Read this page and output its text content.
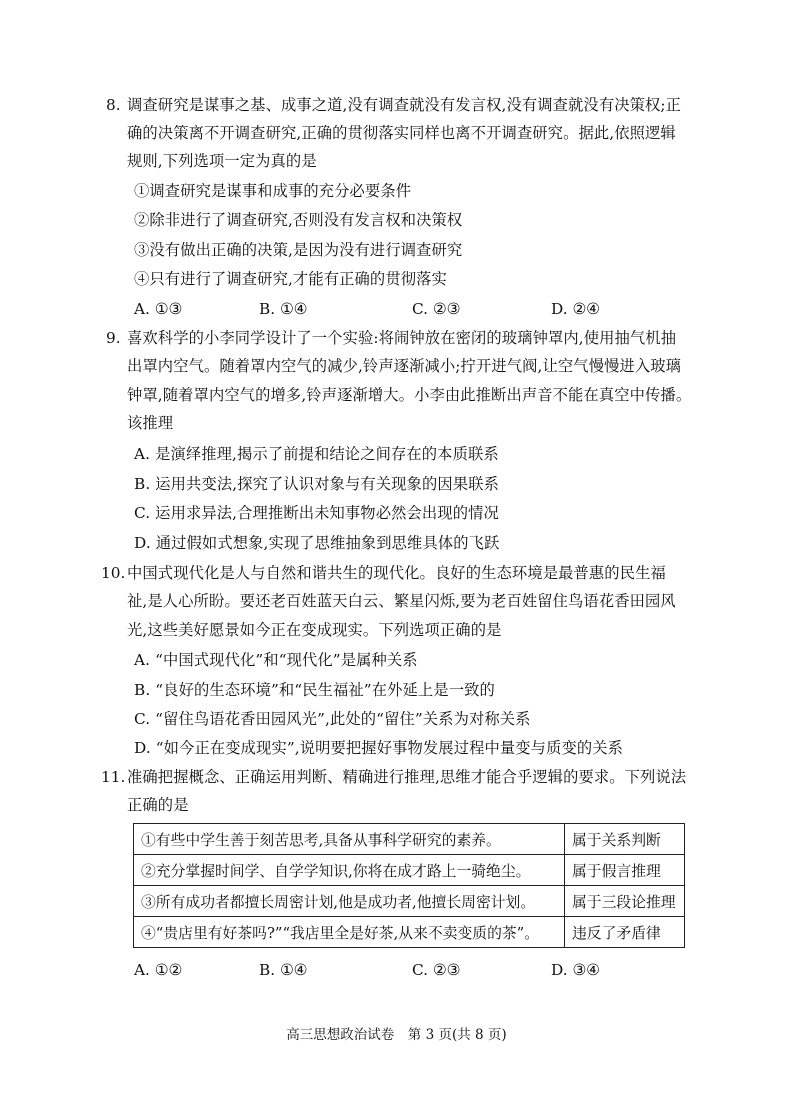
8. 调查研究是谋事之基、成事之道,没有调查就没有发言权,没有调查就没有决策权;正
确的决策离不开调查研究,正确的贯彻落实同样也离不开调查研究。据此,依照逻辑
规则,下列选项一定为真的是
①调查研究是谋事和成事的充分必要条件
②除非进行了调查研究,否则没有发言权和决策权
③没有做出正确的决策,是因为没有进行调查研究
④只有进行了调查研究,才能有正确的贯彻落实
A. ①③	B. ①④	C. ②③	D. ②④
9. 喜欢科学的小李同学设计了一个实验:将闹钟放在密闭的玻璃钟罩内,使用抽气机抽
出罩内空气。随着罩内空气的减少,铃声逐渐减小;拧开进气阀,让空气慢慢进入玻璃
钟罩,随着罩内空气的增多,铃声逐渐增大。小李由此推断出声音不能在真空中传播。
该推理
A. 是演绎推理,揭示了前提和结论之间存在的本质联系
B. 运用共变法,探究了认识对象与有关现象的因果联系
C. 运用求异法,合理推断出未知事物必然会出现的情况
D. 通过假如式想象,实现了思维抽象到思维具体的飞跃
10. 中国式现代化是人与自然和谐共生的现代化。良好的生态环境是最普惠的民生福
祉,是人心所盼。要还老百姓蓝天白云、繁星闪烁,要为老百姓留住鸟语花香田园风
光,这些美好愿景如今正在变成现实。下列选项正确的是
A. “中国式现代化”和“现代化”是属种关系
B. “良好的生态环境”和“民生福祉”在外延上是一致的
C. “留住鸟语花香田园风光”,此处的“留住”关系为对称关系
D. “如今正在变成现实”,说明要把握好事物发展过程中量变与质变的关系
11. 准确把握概念、正确运用判断、精确进行推理,思维才能合乎逻辑的要求。下列说法
正确的是
①有些中学生善于刻苦思考,具备从事科学研究的素养。	属于关系判断
②充分掌握时间学、自学学知识,你将在成才路上一骑绝尘。	属于假言推理
③所有成功者都擅长周密计划,他是成功者,他擅长周密计划。	属于三段论推理
④“贵店里有好茶吗?”“我店里全是好茶,从来不卖变质的茶”。	违反了矛盾律
A. ①②	B. ①④	C. ②③	D. ③④
高三思想政治试卷　第 3 页(共 8 页)
